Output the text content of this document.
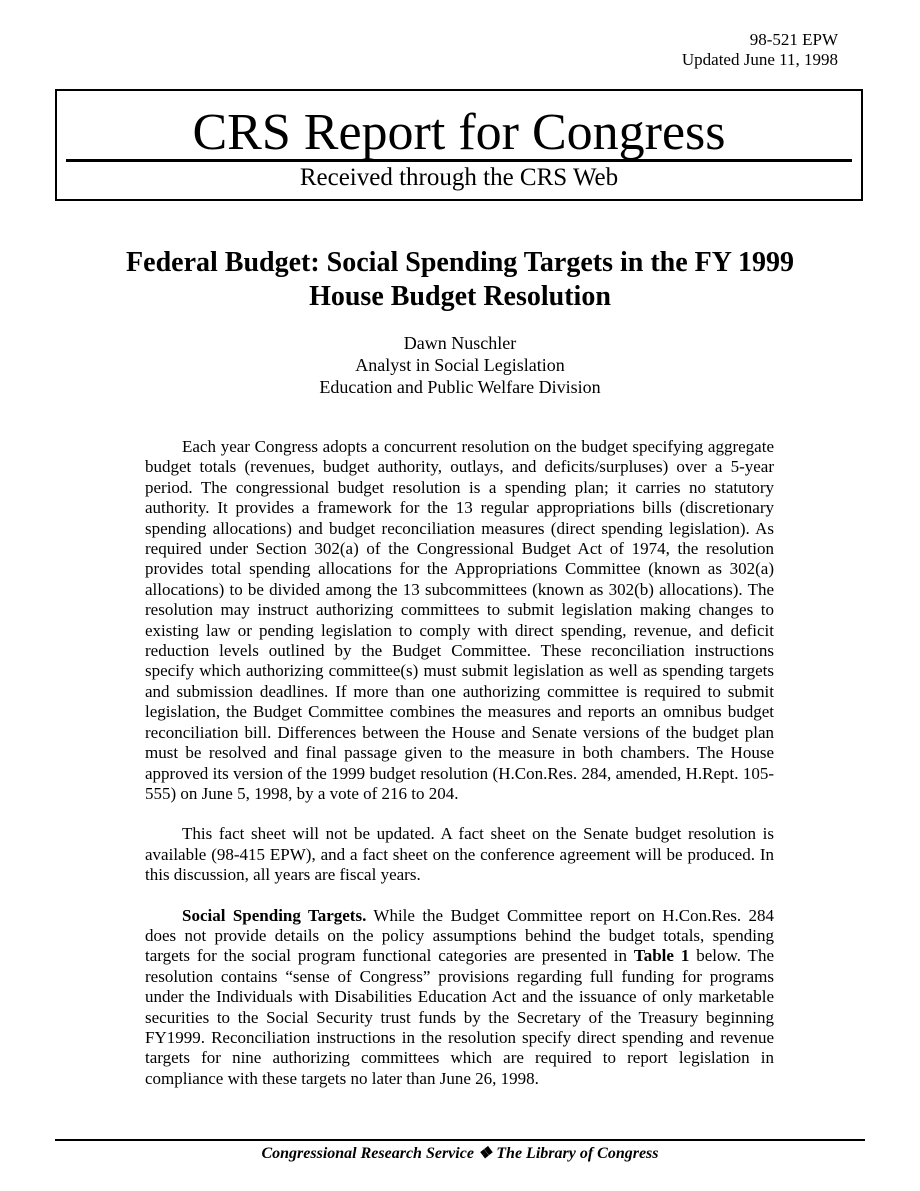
98-521 EPW
Updated June 11, 1998
CRS Report for Congress
Received through the CRS Web
Federal Budget: Social Spending Targets in the FY 1999 House Budget Resolution
Dawn Nuschler
Analyst in Social Legislation
Education and Public Welfare Division

Each year Congress adopts a concurrent resolution on the budget specifying aggregate budget totals (revenues, budget authority, outlays, and deficits/surpluses) over a 5-year period. The congressional budget resolution is a spending plan; it carries no statutory authority. It provides a framework for the 13 regular appropriations bills (discretionary spending allocations) and budget reconciliation measures (direct spending legislation). As required under Section 302(a) of the Congressional Budget Act of 1974, the resolution provides total spending allocations for the Appropriations Committee (known as 302(a) allocations) to be divided among the 13 subcommittees (known as 302(b) allocations). The resolution may instruct authorizing committees to submit legislation making changes to existing law or pending legislation to comply with direct spending, revenue, and deficit reduction levels outlined by the Budget Committee. These reconciliation instructions specify which authorizing committee(s) must submit legislation as well as spending targets and submission deadlines. If more than one authorizing committee is required to submit legislation, the Budget Committee combines the measures and reports an omnibus budget reconciliation bill. Differences between the House and Senate versions of the budget plan must be resolved and final passage given to the measure in both chambers. The House approved its version of the 1999 budget resolution (H.Con.Res. 284, amended, H.Rept. 105-555) on June 5, 1998, by a vote of 216 to 204.

This fact sheet will not be updated. A fact sheet on the Senate budget resolution is available (98-415 EPW), and a fact sheet on the conference agreement will be produced. In this discussion, all years are fiscal years.

Social Spending Targets. While the Budget Committee report on H.Con.Res. 284 does not provide details on the policy assumptions behind the budget totals, spending targets for the social program functional categories are presented in Table 1 below. The resolution contains “sense of Congress” provisions regarding full funding for programs under the Individuals with Disabilities Education Act and the issuance of only marketable securities to the Social Security trust funds by the Secretary of the Treasury beginning FY1999. Reconciliation instructions in the resolution specify direct spending and revenue targets for nine authorizing committees which are required to report legislation in compliance with these targets no later than June 26, 1998.

Congressional Research Service ❖ The Library of Congress
